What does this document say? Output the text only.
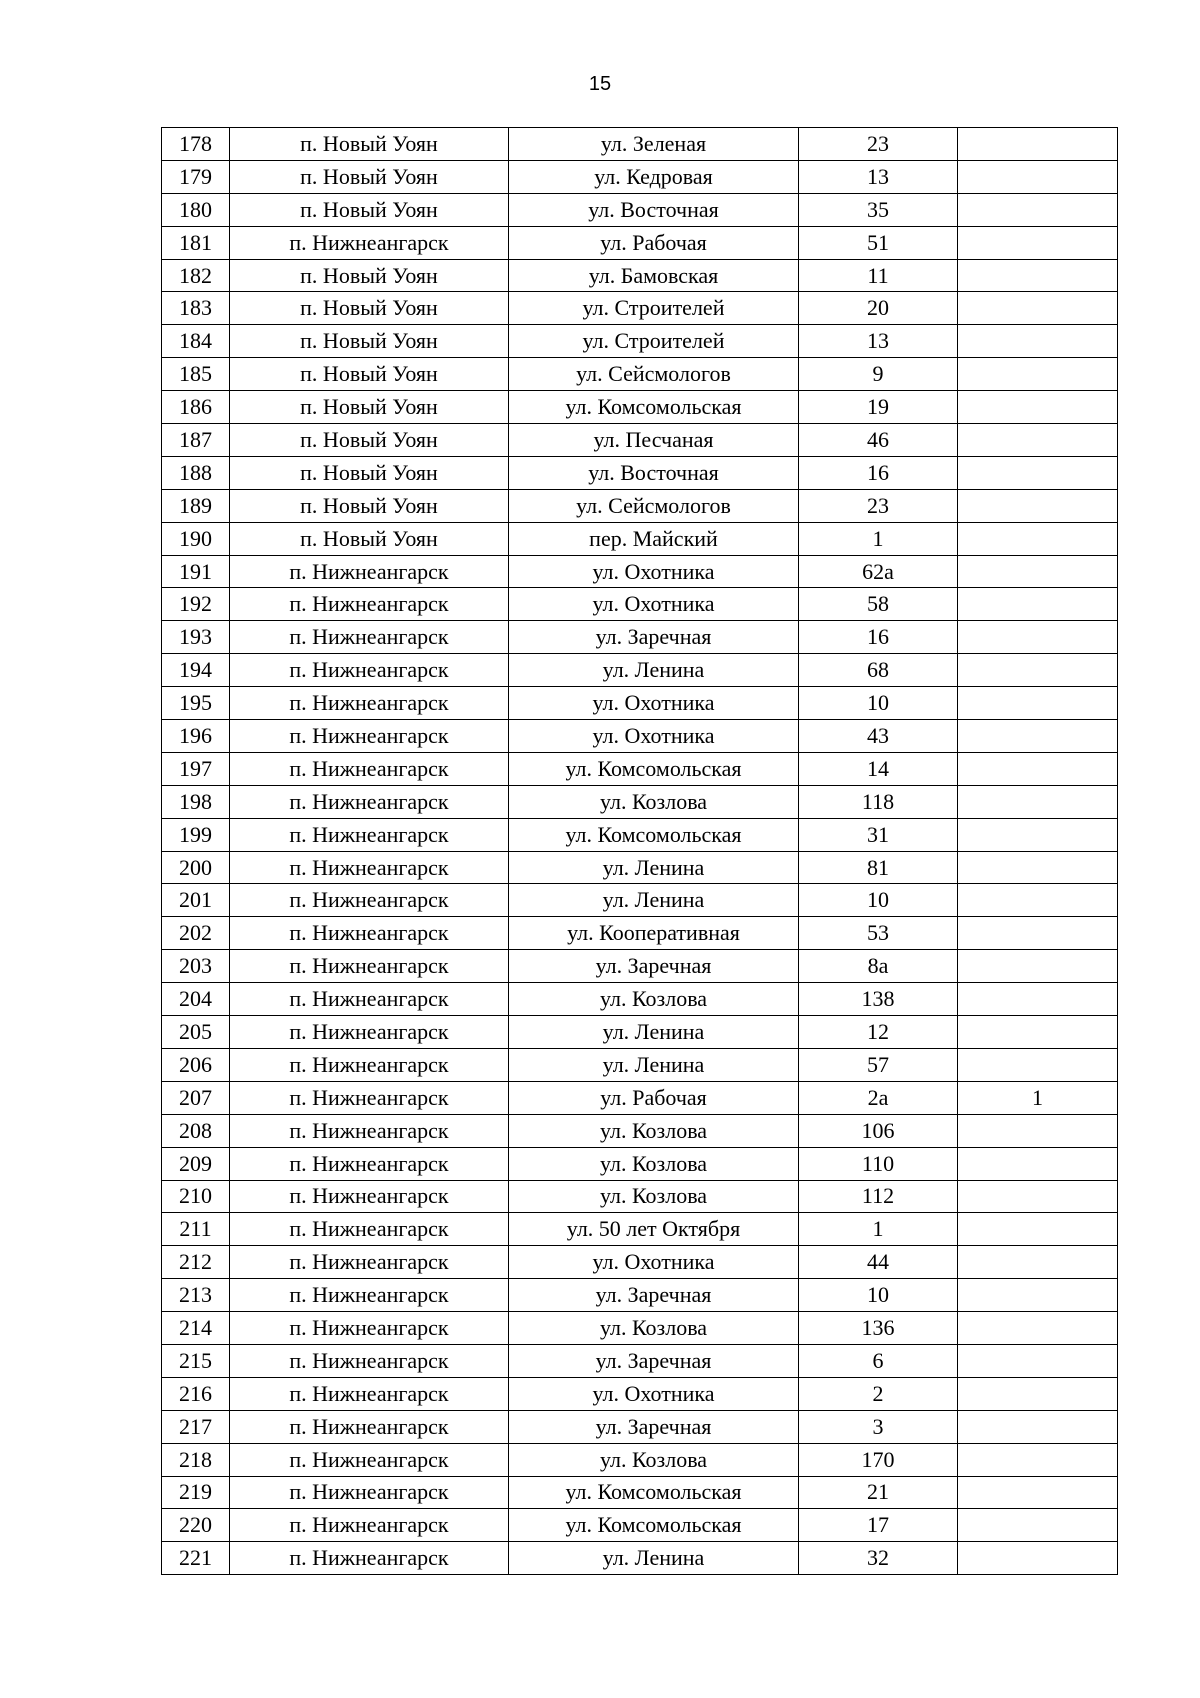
15
178	п. Новый Уоян	ул. Зеленая	23	
179	п. Новый Уоян	ул. Кедровая	13	
180	п. Новый Уоян	ул. Восточная	35	
181	п. Нижнеангарск	ул. Рабочая	51	
182	п. Новый Уоян	ул. Бамовская	11	
183	п. Новый Уоян	ул. Строителей	20	
184	п. Новый Уоян	ул. Строителей	13	
185	п. Новый Уоян	ул. Сейсмологов	9	
186	п. Новый Уоян	ул. Комсомольская	19	
187	п. Новый Уоян	ул. Песчаная	46	
188	п. Новый Уоян	ул. Восточная	16	
189	п. Новый Уоян	ул. Сейсмологов	23	
190	п. Новый Уоян	пер. Майский	1	
191	п. Нижнеангарск	ул. Охотника	62а	
192	п. Нижнеангарск	ул. Охотника	58	
193	п. Нижнеангарск	ул. Заречная	16	
194	п. Нижнеангарск	ул. Ленина	68	
195	п. Нижнеангарск	ул. Охотника	10	
196	п. Нижнеангарск	ул. Охотника	43	
197	п. Нижнеангарск	ул. Комсомольская	14	
198	п. Нижнеангарск	ул. Козлова	118	
199	п. Нижнеангарск	ул. Комсомольская	31	
200	п. Нижнеангарск	ул. Ленина	81	
201	п. Нижнеангарск	ул. Ленина	10	
202	п. Нижнеангарск	ул. Кооперативная	53	
203	п. Нижнеангарск	ул. Заречная	8а	
204	п. Нижнеангарск	ул. Козлова	138	
205	п. Нижнеангарск	ул. Ленина	12	
206	п. Нижнеангарск	ул. Ленина	57	
207	п. Нижнеангарск	ул. Рабочая	2а	1
208	п. Нижнеангарск	ул. Козлова	106	
209	п. Нижнеангарск	ул. Козлова	110	
210	п. Нижнеангарск	ул. Козлова	112	
211	п. Нижнеангарск	ул. 50 лет Октября	1	
212	п. Нижнеангарск	ул. Охотника	44	
213	п. Нижнеангарск	ул. Заречная	10	
214	п. Нижнеангарск	ул. Козлова	136	
215	п. Нижнеангарск	ул. Заречная	6	
216	п. Нижнеангарск	ул. Охотника	2	
217	п. Нижнеангарск	ул. Заречная	3	
218	п. Нижнеангарск	ул. Козлова	170	
219	п. Нижнеангарск	ул. Комсомольская	21	
220	п. Нижнеангарск	ул. Комсомольская	17	
221	п. Нижнеангарск	ул. Ленина	32	
